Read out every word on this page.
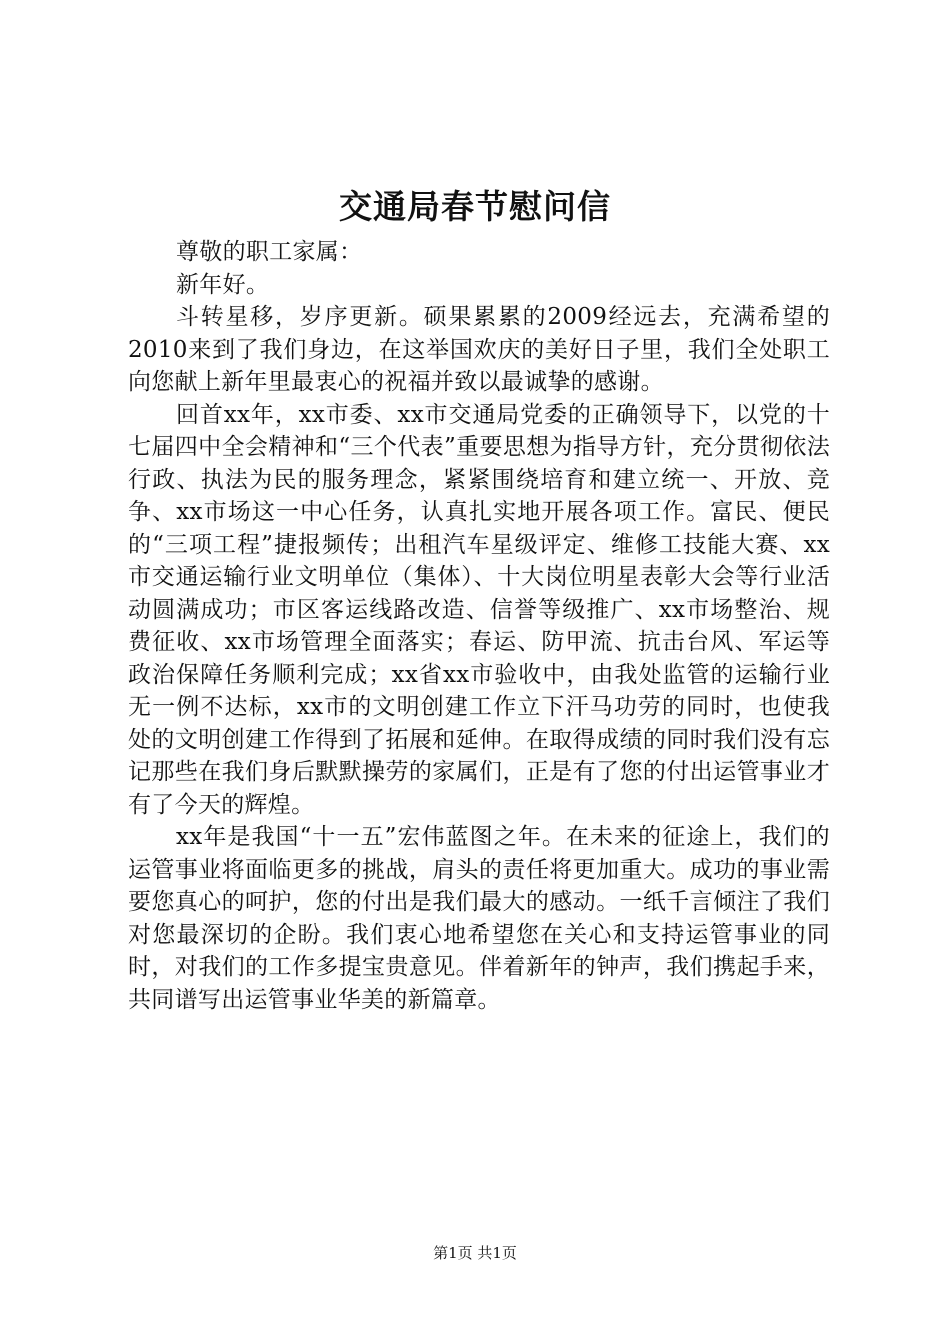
交通局春节慰问信

尊敬的职工家属：

新年好。

斗转星移，岁序更新。硕果累累的2009经远去，充满希望的2010来到了我们身边，在这举国欢庆的美好日子里，我们全处职工向您献上新年里最衷心的祝福并致以最诚挚的感谢。

回首xx年，xx市委、xx市交通局党委的正确领导下，以党的十七届四中全会精神和“三个代表”重要思想为指导方针，充分贯彻依法行政、执法为民的服务理念，紧紧围绕培育和建立统一、开放、竞争、xx市场这一中心任务，认真扎实地开展各项工作。富民、便民的“三项工程”捷报频传；出租汽车星级评定、维修工技能大赛、xx市交通运输行业文明单位（集体）、十大岗位明星表彰大会等行业活动圆满成功；市区客运线路改造、信誉等级推广、xx市场整治、规费征收、xx市场管理全面落实；春运、防甲流、抗击台风、军运等政治保障任务顺利完成；xx省xx市验收中，由我处监管的运输行业无一例不达标，xx市的文明创建工作立下汗马功劳的同时，也使我处的文明创建工作得到了拓展和延伸。在取得成绩的同时我们没有忘记那些在我们身后默默操劳的家属们，正是有了您的付出运管事业才有了今天的辉煌。

xx年是我国“十一五”宏伟蓝图之年。在未来的征途上，我们的运管事业将面临更多的挑战，肩头的责任将更加重大。成功的事业需要您真心的呵护，您的付出是我们最大的感动。一纸千言倾注了我们对您最深切的企盼。我们衷心地希望您在关心和支持运管事业的同时，对我们的工作多提宝贵意见。伴着新年的钟声，我们携起手来，共同谱写出运管事业华美的新篇章。

第1页 共1页
